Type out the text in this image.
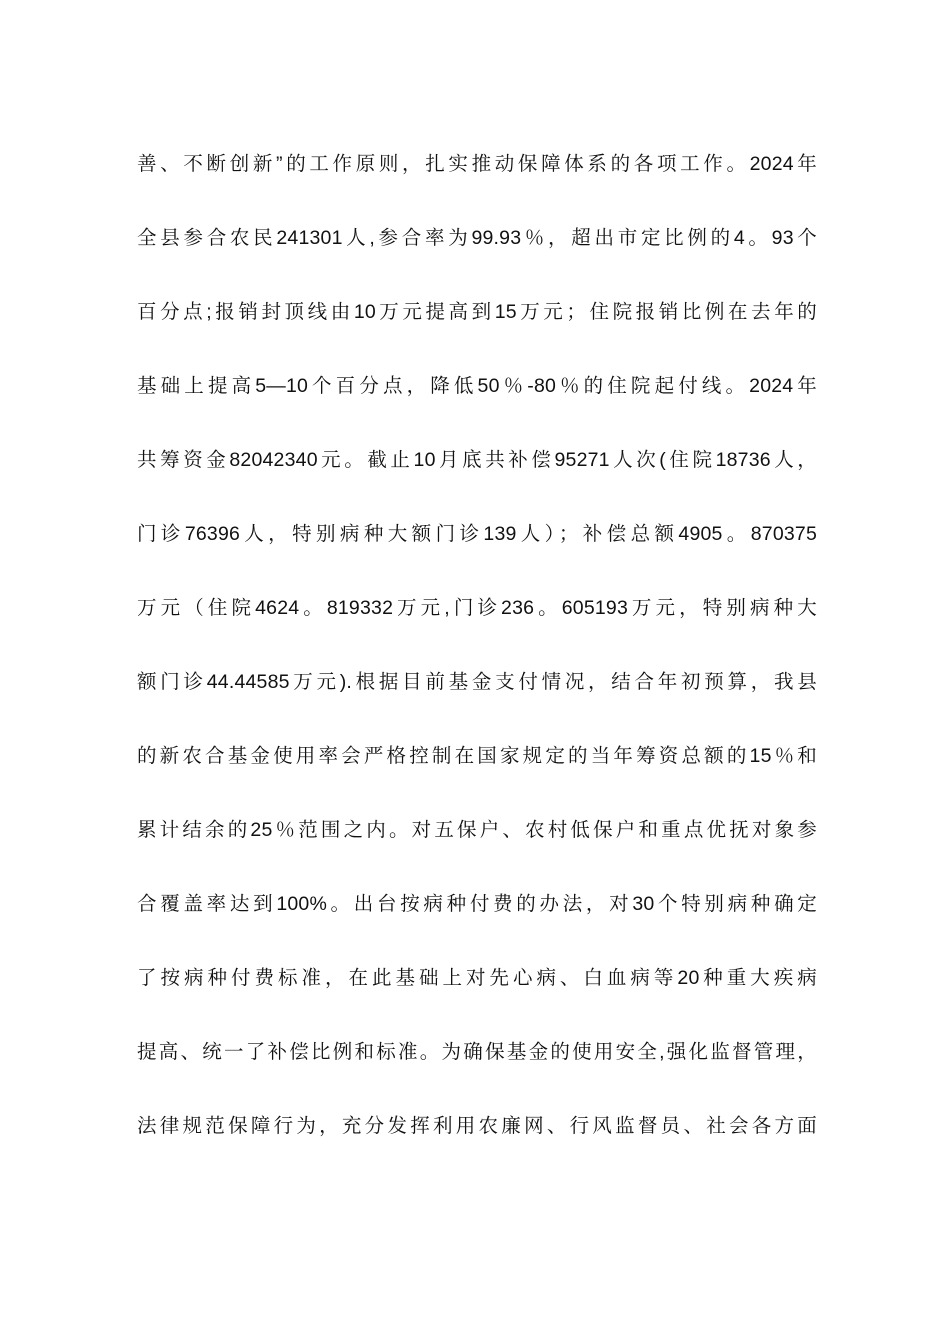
善、不断创新”的工作原则，扎实推动保障体系的各项工作。2024年
全县参合农民241301人,参合率为99.93％，超出市定比例的4。93个
百分点;报销封顶线由10万元提高到15万元；住院报销比例在去年的
基础上提高5—10个百分点，降低50％-80％的住院起付线。2024年
共筹资金82042340元。截止10月底共补偿95271人次(住院18736人，
门诊76396人，特别病种大额门诊139人）；补偿总额4905。870375
万元（住院4624。819332万元,门诊236。605193万元，特别病种大
额门诊44.44585万元).根据目前基金支付情况，结合年初预算，我县
的新农合基金使用率会严格控制在国家规定的当年筹资总额的15％和
累计结余的25％范围之内。对五保户、农村低保户和重点优抚对象参
合覆盖率达到100%。出台按病种付费的办法，对30个特别病种确定
了按病种付费标准，在此基础上对先心病、白血病等20种重大疾病
提高、统一了补偿比例和标准。为确保基金的使用安全,强化监督管理，
法律规范保障行为，充分发挥利用农廉网、行风监督员、社会各方面
